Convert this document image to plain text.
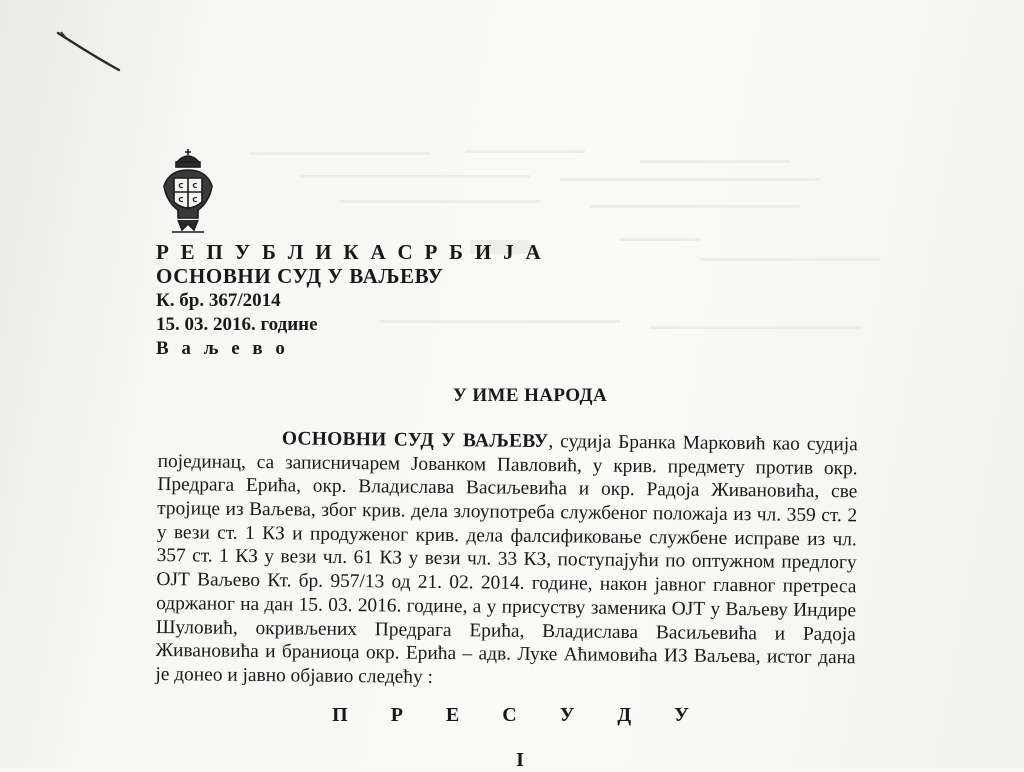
С С
С С
Р Е П У Б Л И К А С Р Б И Ј А
ОСНОВНИ СУД У ВАЉЕВУ
К. бр. 367/2014
15. 03. 2016. године
В а љ е в о
У ИМЕ НАРОДА
ОСНОВНИ СУД У ВАЉЕВУ, судија Бранка Марковић као судија
појединац, са записничарем Јованком Павловић, у крив. предмету против окр.
Предрага Ерића, окр. Владислава Васиљевића и окр. Радоја Живановића, све
тројице из Ваљева, због крив. дела злоупотреба службеног положаја из чл. 359 ст. 2
у вези ст. 1 КЗ и продуженог крив. дела фалсификовање службене исправе из чл.
357 ст. 1 КЗ у вези чл. 61 КЗ у вези чл. 33 КЗ, поступајући по оптужном предлогу
ОЈТ Ваљево Кт. бр. 957/13 од 21. 02. 2014. године, након јавног главног претреса
одржаног на дан 15. 03. 2016. године, а у присуству заменика ОЈТ у Ваљеву Индире
Шуловић, окривљених Предрага Ерића, Владислава Васиљевића и Радоја
Живановића и браниоца окр. Ерића – адв. Луке Аћимовића ИЗ Ваљева, истог дана
је донео и јавно објавио следећу :
П Р Е С У Д У
I
